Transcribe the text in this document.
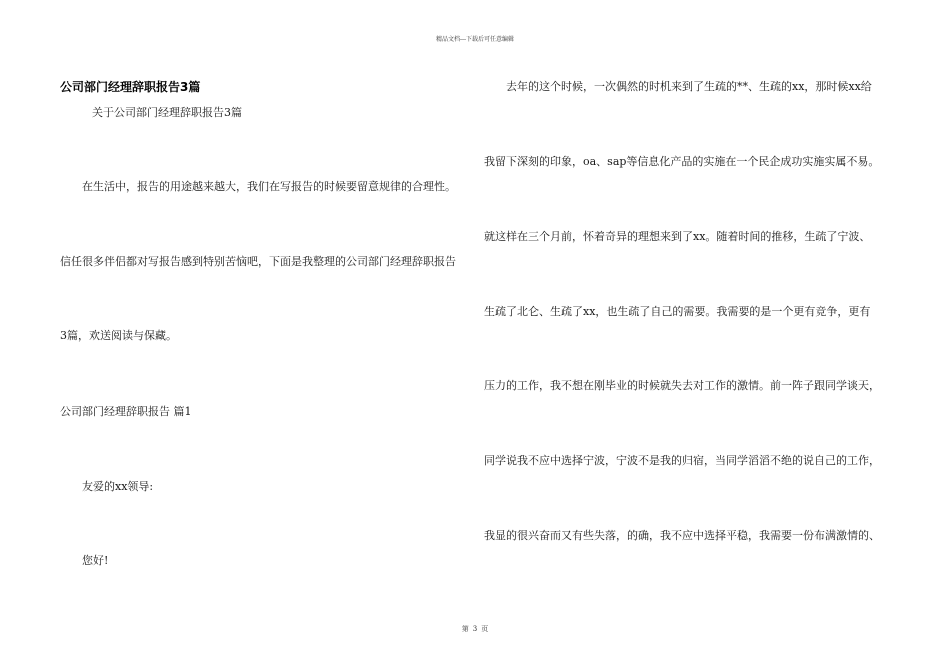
精品文档---下载后可任意编辑
公司部门经理辞职报告3篇
关于公司部门经理辞职报告3篇
在生活中，报告的用途越来越大，我们在写报告的时候要留意规律的合理性。
信任很多伴侣都对写报告感到特别苦恼吧，下面是我整理的公司部门经理辞职报告
3篇，欢送阅读与保藏。
公司部门经理辞职报告 篇1
友爱的xx领导:
您好!
去年的这个时候，一次偶然的时机来到了生疏的**、生疏的xx，那时候xx给
我留下深刻的印象，oa、sap等信息化产品的实施在一个民企成功实施实属不易。
就这样在三个月前，怀着奇异的理想来到了xx。随着时间的推移，生疏了宁波、
生疏了北仑、生疏了xx，也生疏了自己的需要。我需要的是一个更有竞争，更有
压力的工作，我不想在刚毕业的时候就失去对工作的激情。前一阵子跟同学谈天，
同学说我不应中选择宁波，宁波不是我的归宿，当同学滔滔不绝的说自己的工作，
我显的很兴奋而又有些失落，的确，我不应中选择平稳，我需要一份布满激情的、
第 3 页
